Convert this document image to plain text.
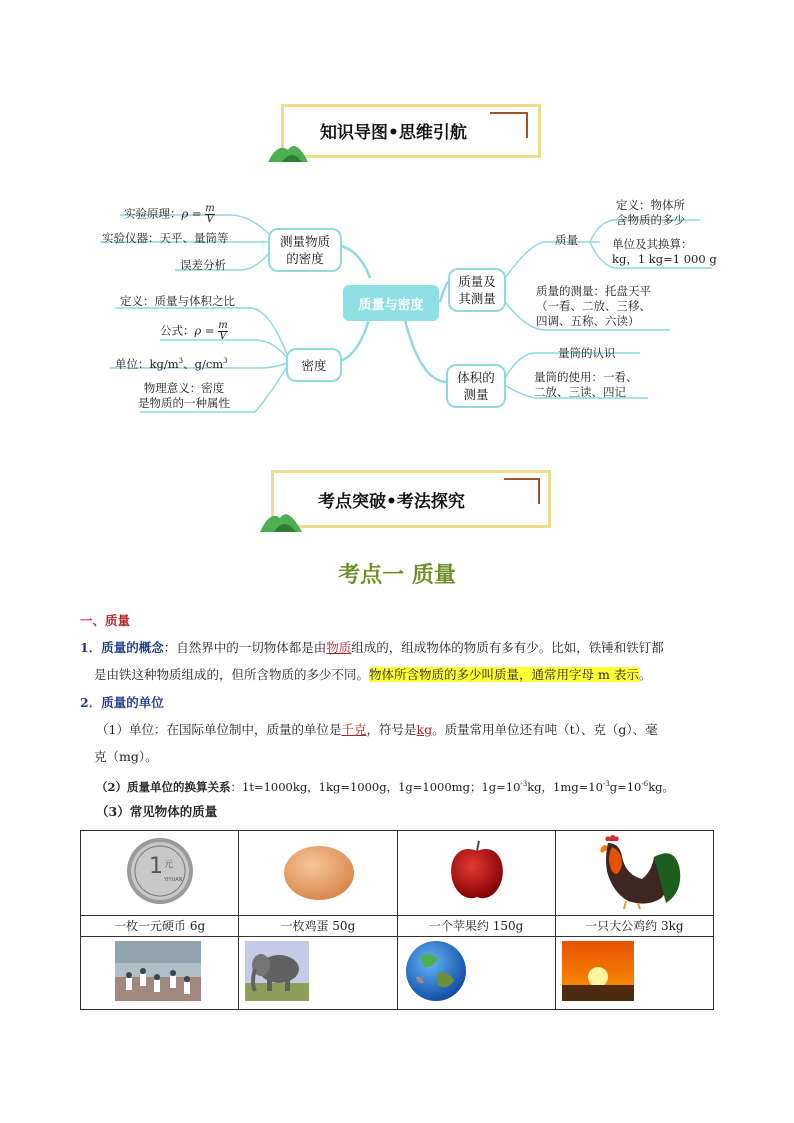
知识导图•思维引航
质量与密度
测量物质
的密度
实验原理：$\rho = \frac{m}{V}$
实验仪器：天平、量筒等
误差分析
密度
定义：质量与体积之比
公式：$\rho = \frac{m}{V}$
单位：$kg/m^3$、$g/cm^3$
物理意义：密度
是物质的一种属性
质量及
其测量
质量
定义：物体所
含物质的多少
单位及其换算：
kg，1 kg=1 000 g
质量的测量：托盘天平
（一看、二放、三移、
四调、五称、六读）
体积的
测量
量筒的认识
量筒的使用：一看、
二放、三读、四记
考点突破•考法探究
考点一 质量
一、质量
1．质量的概念：自然界中的一切物体都是由物质组成的，组成物体的物质有多有少。比如，铁锤和铁钉都
是由铁这种物质组成的，但所含物质的多少不同。物体所含物质的多少叫质量，通常用字母 m 表示。
2．质量的单位
（1）单位：在国际单位制中，质量的单位是千克，符号是kg。质量常用单位还有吨（t）、克（g）、毫
克（mg）。
（2）质量单位的换算关系：1t=1000kg，1kg=1000g，1g=1000mg；$1g=10^{-3}kg$，$1mg=10^{-3}g=10^{-6}kg$。
（3）常见物体的质量
1 元
YIYUAN

一枚一元硬币 6g	一枚鸡蛋 50g	一个苹果约 150g	一只大公鸡约 3kg
